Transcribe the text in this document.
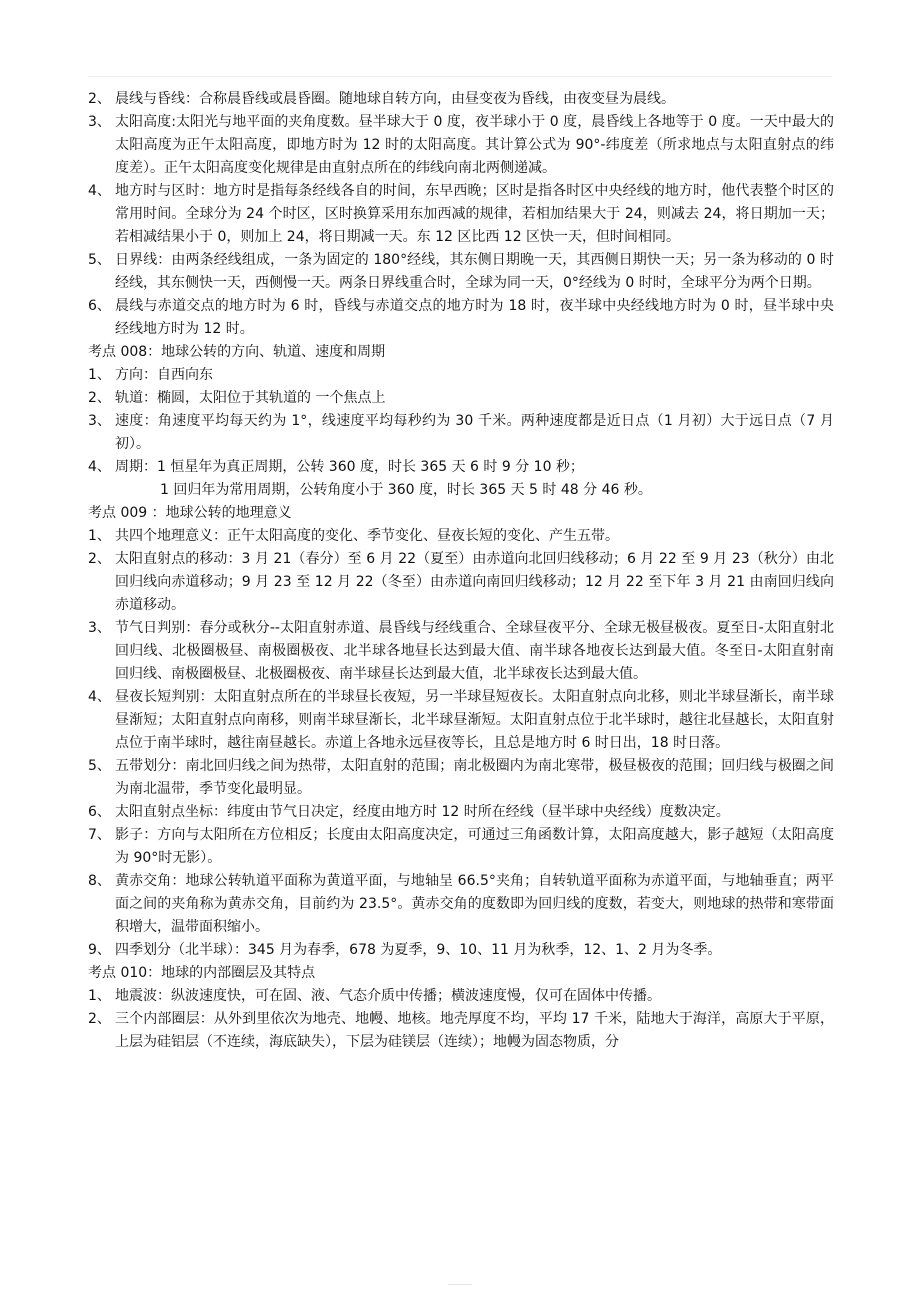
2、 晨线与昏线：合称晨昏线或晨昏圈。随地球自转方向，由昼变夜为昏线，由夜变昼为晨线。
3、 太阳高度:太阳光与地平面的夹角度数。昼半球大于 0 度，夜半球小于 0 度，晨昏线上各地等于 0 度。一天中最大的太阳高度为正午太阳高度，即地方时为 12 时的太阳高度。其计算公式为 90°-纬度差（所求地点与太阳直射点的纬度差）。正午太阳高度变化规律是由直射点所在的纬线向南北两侧递减。
4、 地方时与区时：地方时是指每条经线各自的时间，东早西晚；区时是指各时区中央经线的地方时，他代表整个时区的常用时间。全球分为 24 个时区，区时换算采用东加西减的规律，若相加结果大于 24，则减去 24，将日期加一天；若相减结果小于 0，则加上 24，将日期减一天。东 12 区比西 12 区快一天，但时间相同。
5、 日界线：由两条经线组成，一条为固定的 180°经线，其东侧日期晚一天，其西侧日期快一天；另一条为移动的 0 时经线，其东侧快一天，西侧慢一天。两条日界线重合时，全球为同一天，0°经线为 0 时时，全球平分为两个日期。
6、 晨线与赤道交点的地方时为 6 时，昏线与赤道交点的地方时为 18 时，夜半球中央经线地方时为 0 时，昼半球中央经线地方时为 12 时。
考点 008：地球公转的方向、轨道、速度和周期
1、 方向：自西向东
2、 轨道：椭圆，太阳位于其轨道的 一个焦点上
3、 速度：角速度平均每天约为 1°，线速度平均每秒约为 30 千米。两种速度都是近日点（1 月初）大于远日点（7 月初）。
4、 周期：1 恒星年为真正周期，公转 360 度，时长 365 天 6 时 9 分 10 秒；
1 回归年为常用周期，公转角度小于 360 度，时长 365 天 5 时 48 分 46 秒。
考点 009 ：地球公转的地理意义
1、 共四个地理意义：正午太阳高度的变化、季节变化、昼夜长短的变化、产生五带。
2、 太阳直射点的移动：3 月 21（春分）至 6 月 22（夏至）由赤道向北回归线移动；6 月 22 至 9 月 23（秋分）由北回归线向赤道移动；9 月 23 至 12 月 22（冬至）由赤道向南回归线移动；12 月 22 至下年 3 月 21 由南回归线向赤道移动。
3、 节气日判别：春分或秋分--太阳直射赤道、晨昏线与经线重合、全球昼夜平分、全球无极昼极夜。夏至日-太阳直射北回归线、北极圈极昼、南极圈极夜、北半球各地昼长达到最大值、南半球各地夜长达到最大值。冬至日-太阳直射南回归线、南极圈极昼、北极圈极夜、南半球昼长达到最大值，北半球夜长达到最大值。
4、 昼夜长短判别：太阳直射点所在的半球昼长夜短，另一半球昼短夜长。太阳直射点向北移，则北半球昼渐长，南半球昼渐短；太阳直射点向南移，则南半球昼渐长，北半球昼渐短。太阳直射点位于北半球时，越往北昼越长，太阳直射点位于南半球时，越往南昼越长。赤道上各地永远昼夜等长，且总是地方时 6 时日出，18 时日落。
5、 五带划分：南北回归线之间为热带，太阳直射的范围；南北极圈内为南北寒带，极昼极夜的范围；回归线与极圈之间为南北温带，季节变化最明显。
6、 太阳直射点坐标：纬度由节气日决定，经度由地方时 12 时所在经线（昼半球中央经线）度数决定。
7、 影子：方向与太阳所在方位相反；长度由太阳高度决定，可通过三角函数计算，太阳高度越大，影子越短（太阳高度为 90°时无影）。
8、 黄赤交角：地球公转轨道平面称为黄道平面，与地轴呈 66.5°夹角；自转轨道平面称为赤道平面，与地轴垂直；两平面之间的夹角称为黄赤交角，目前约为 23.5°。黄赤交角的度数即为回归线的度数，若变大，则地球的热带和寒带面积增大，温带面积缩小。
9、 四季划分（北半球）：345 月为春季，678 为夏季，9、10、11 月为秋季，12、1、2 月为冬季。
考点 010：地球的内部圈层及其特点
1、 地震波：纵波速度快，可在固、液、气态介质中传播；横波速度慢，仅可在固体中传播。
2、 三个内部圈层：从外到里依次为地壳、地幔、地核。地壳厚度不均，平均 17 千米，陆地大于海洋，高原大于平原，上层为硅铝层（不连续，海底缺失），下层为硅镁层（连续）；地幔为固态物质，分
